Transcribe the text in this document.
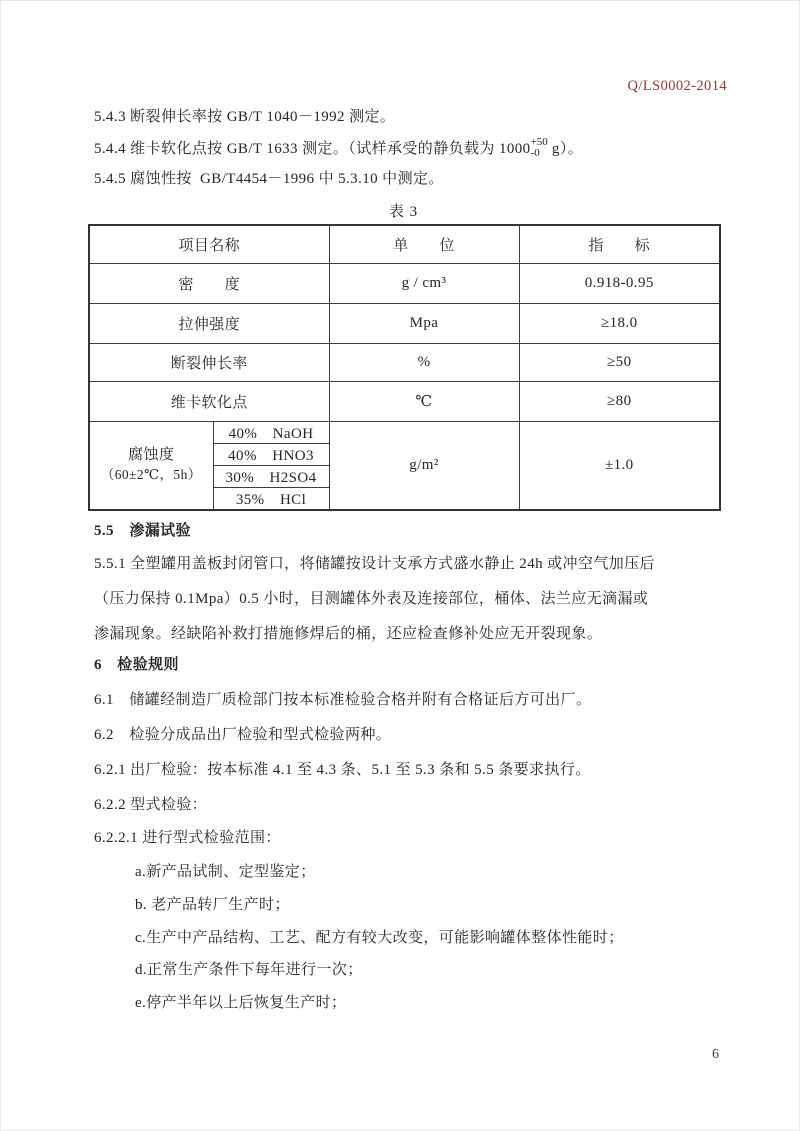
Q/LS0002-2014
5.4.3 断裂伸长率按 GB/T 1040－1992 测定。
5.4.4 维卡软化点按 GB/T 1633 测定。（试样承受的静负载为 1000 +50
-0 g）。
5.4.5 腐蚀性按  GB/T4454－1996 中 5.3.10 中测定。
表 3
项目名称		单　　位	指　　标
密　　度		g / cm³	0.918-0.95
拉伸强度		Mpa	≥18.0
断裂伸长率		%	≥50
维卡软化点		℃	≥80

腐蚀度
（60±2℃，5h）	40%　NaOH	g/m²	±1.0
	40%　HNO3		
	30%　H2SO4		
	35%　HCl		
5.5　渗漏试验
5.5.1 全塑罐用盖板封闭管口，将储罐按设计支承方式盛水静止 24h 或冲空气加压后
（压力保持 0.1Mpa）0.5 小时，目测罐体外表及连接部位，桶体、法兰应无滴漏或
渗漏现象。经缺陷补救打措施修焊后的桶，还应检查修补处应无开裂现象。
6　检验规则
6.1　储罐经制造厂质检部门按本标准检验合格并附有合格证后方可出厂。
6.2　检验分成品出厂检验和型式检验两种。
6.2.1 出厂检验：按本标准 4.1 至 4.3 条、5.1 至 5.3 条和 5.5 条要求执行。
6.2.2 型式检验：
6.2.2.1 进行型式检验范围：
a.新产品试制、定型鉴定；
b. 老产品转厂生产时；
c.生产中产品结构、工艺、配方有较大改变，可能影响罐体整体性能时；
d.正常生产条件下每年进行一次；
e.停产半年以上后恢复生产时；
6
